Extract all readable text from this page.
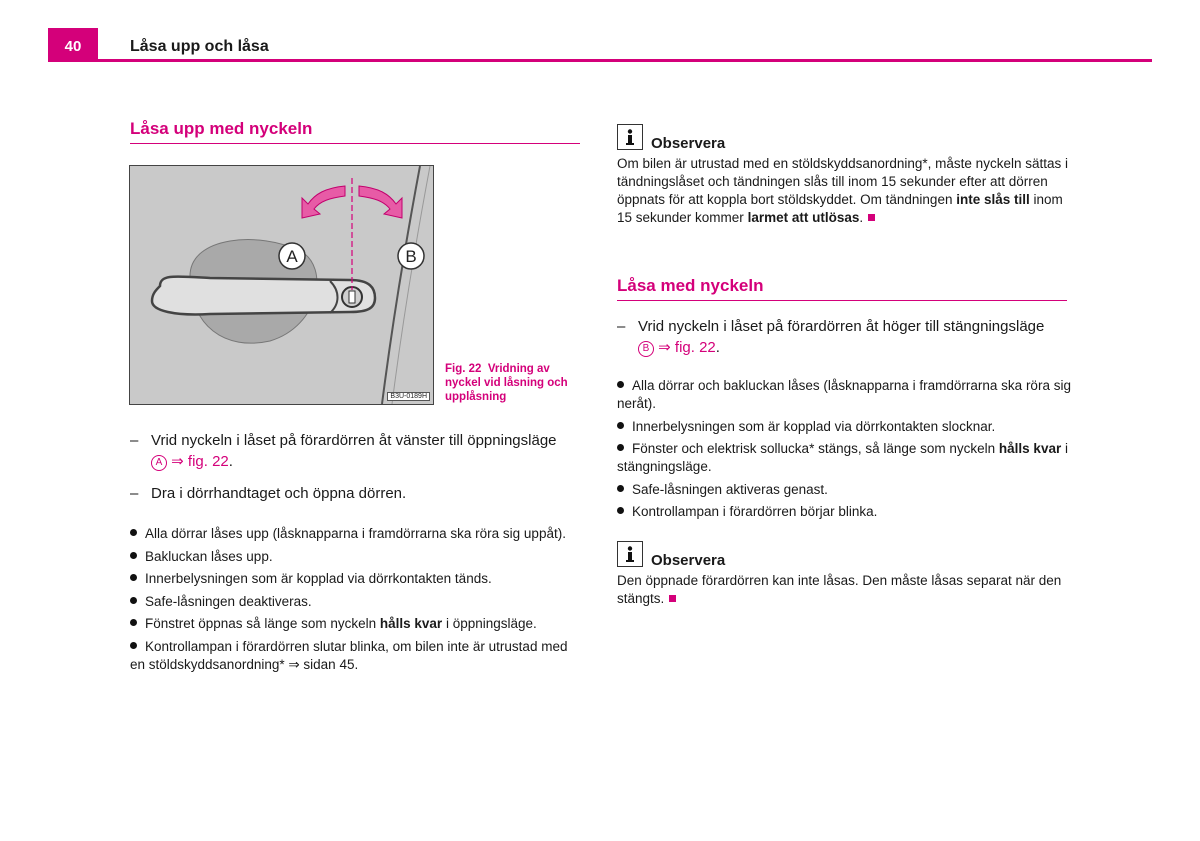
40	Låsa upp och låsa
Låsa upp med nyckeln
A	B
B3U-0189H
Fig. 22 Vridning av nyckel vid låsning och upplåsning
– Vrid nyckeln i låset på förardörren åt vänster till öppningsläge
A ⇒ fig. 22.
– Dra i dörrhandtaget och öppna dörren.
Alla dörrar låses upp (låsknapparna i framdörrarna ska röra sig uppåt).
Bakluckan låses upp.
Innerbelysningen som är kopplad via dörrkontakten tänds.
Safe-låsningen deaktiveras.
Fönstret öppnas så länge som nyckeln hålls kvar i öppningsläge.
Kontrollampan i förardörren slutar blinka, om bilen inte är utrustad med en stöldskyddsanordning* ⇒ sidan 45.
Observera
Om bilen är utrustad med en stöldskyddsanordning*, måste nyckeln sättas i tändningslåset och tändningen slås till inom 15 sekunder efter att dörren öppnats för att koppla bort stöldskyddet. Om tändningen inte slås till inom 15 sekunder kommer larmet att utlösas.
Låsa med nyckeln
– Vrid nyckeln i låset på förardörren åt höger till stängningsläge
B ⇒ fig. 22.
Alla dörrar och bakluckan låses (låsknapparna i framdörrarna ska röra sig neråt).
Innerbelysningen som är kopplad via dörrkontakten slocknar.
Fönster och elektrisk sollucka* stängs, så länge som nyckeln hålls kvar i stängningsläge.
Safe-låsningen aktiveras genast.
Kontrollampan i förardörren börjar blinka.
Observera
Den öppnade förardörren kan inte låsas. Den måste låsas separat när den stängts.
